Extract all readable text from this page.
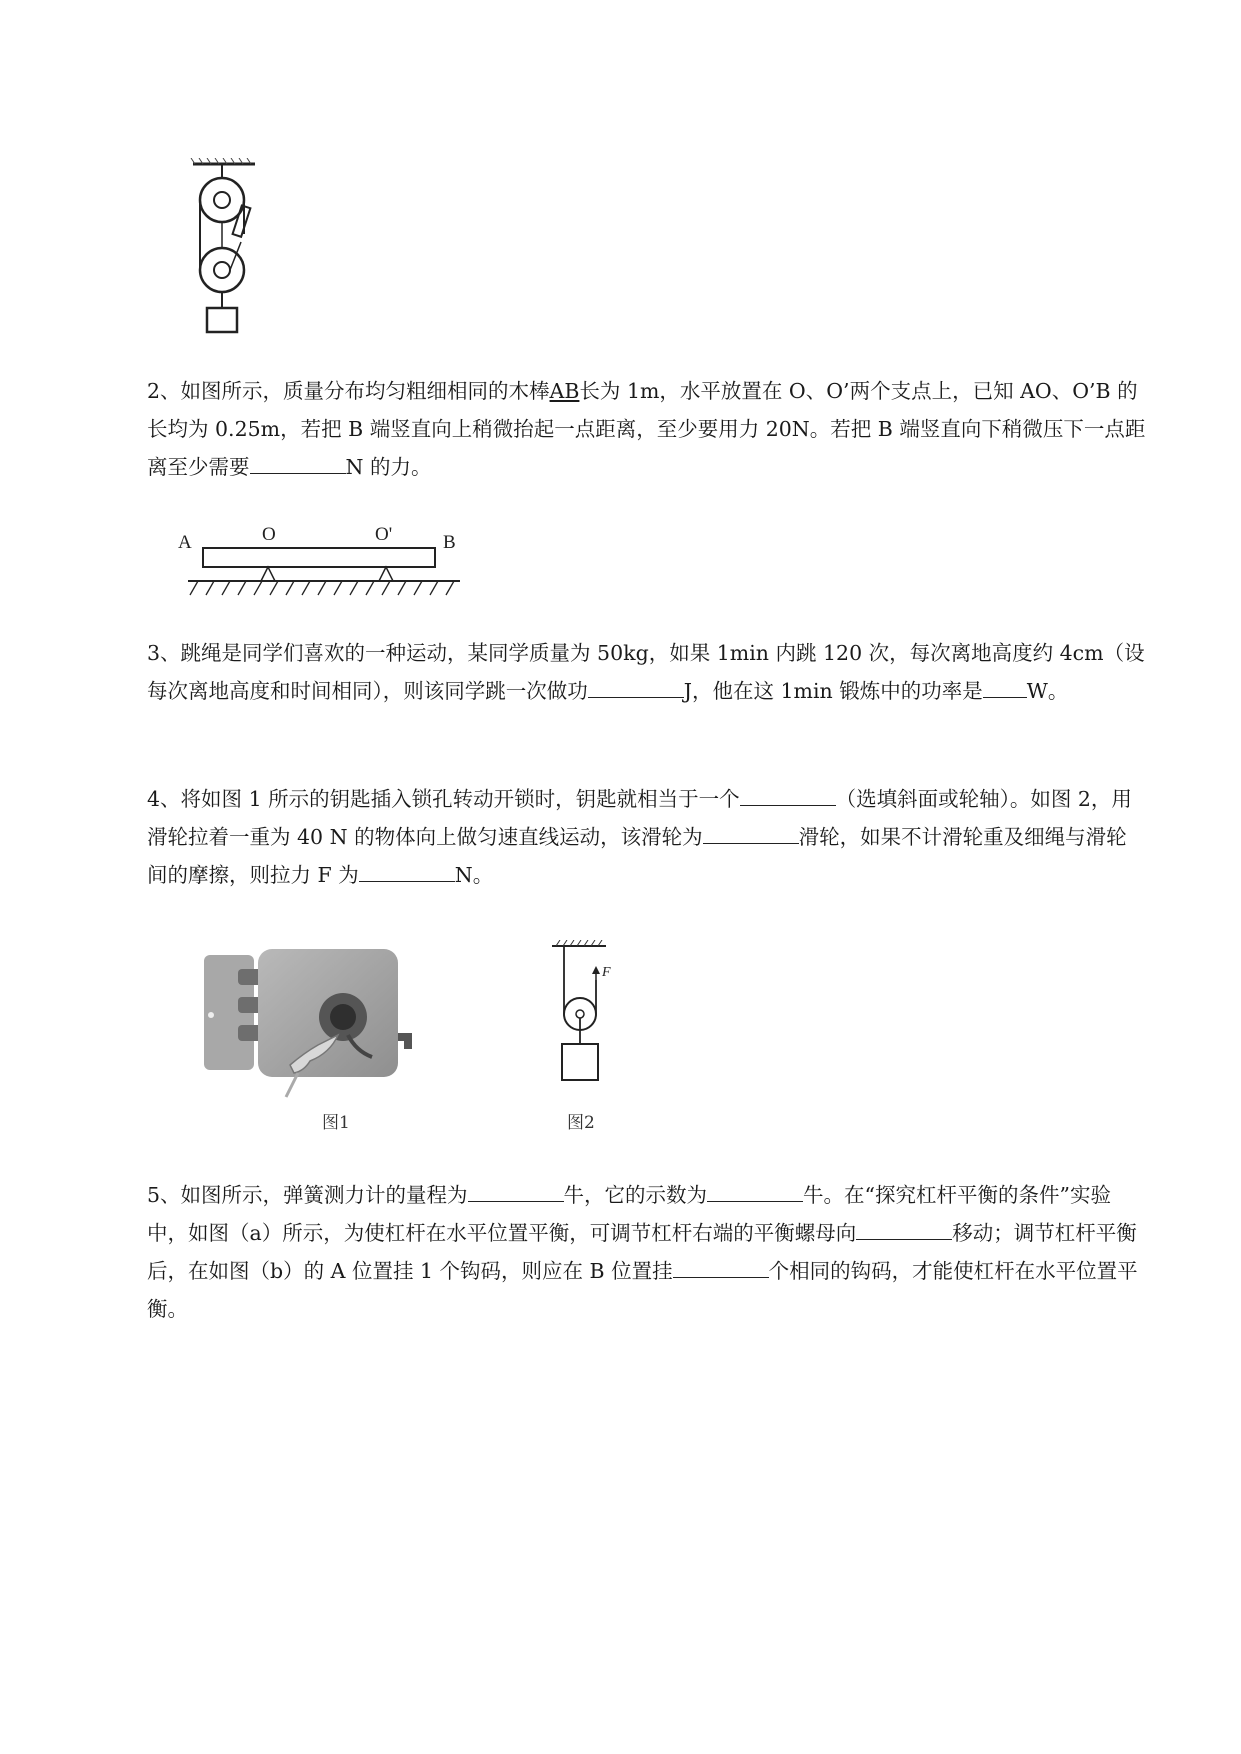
2、如图所示，质量分布均匀粗细相同的木棒AB长为 1m，水平放置在 O、O’两个支点上，已知 AO、O’B 的长均为 0.25m，若把 B 端竖直向上稍微抬起一点距离，至少要用力 20N。若把 B 端竖直向下稍微压下一点距离至少需要	N 的力。

A	O	O'	B

3、跳绳是同学们喜欢的一种运动，某同学质量为 50kg，如果 1min 内跳 120 次，每次离地高度约 4cm（设每次离地高度和时间相同），则该同学跳一次做功	J，他在这 1min 锻炼中的功率是 W。

4、将如图 1 所示的钥匙插入锁孔转动开锁时，钥匙就相当于一个	（选填斜面或轮轴）。如图 2，用滑轮拉着一重为 40 N 的物体向上做匀速直线运动，该滑轮为	滑轮，如果不计滑轮重及细绳与滑轮间的摩擦，则拉力 F 为	N。

图1
F
图2

5、如图所示，弹簧测力计的量程为	牛，它的示数为	牛。在“探究杠杆平衡的条件”实验中，如图（a）所示，为使杠杆在水平位置平衡，可调节杠杆右端的平衡螺母向	移动；调节杠杆平衡后，在如图（b）的 A 位置挂 1 个钩码，则应在 B 位置挂	个相同的钩码，才能使杠杆在水平位置平衡。
